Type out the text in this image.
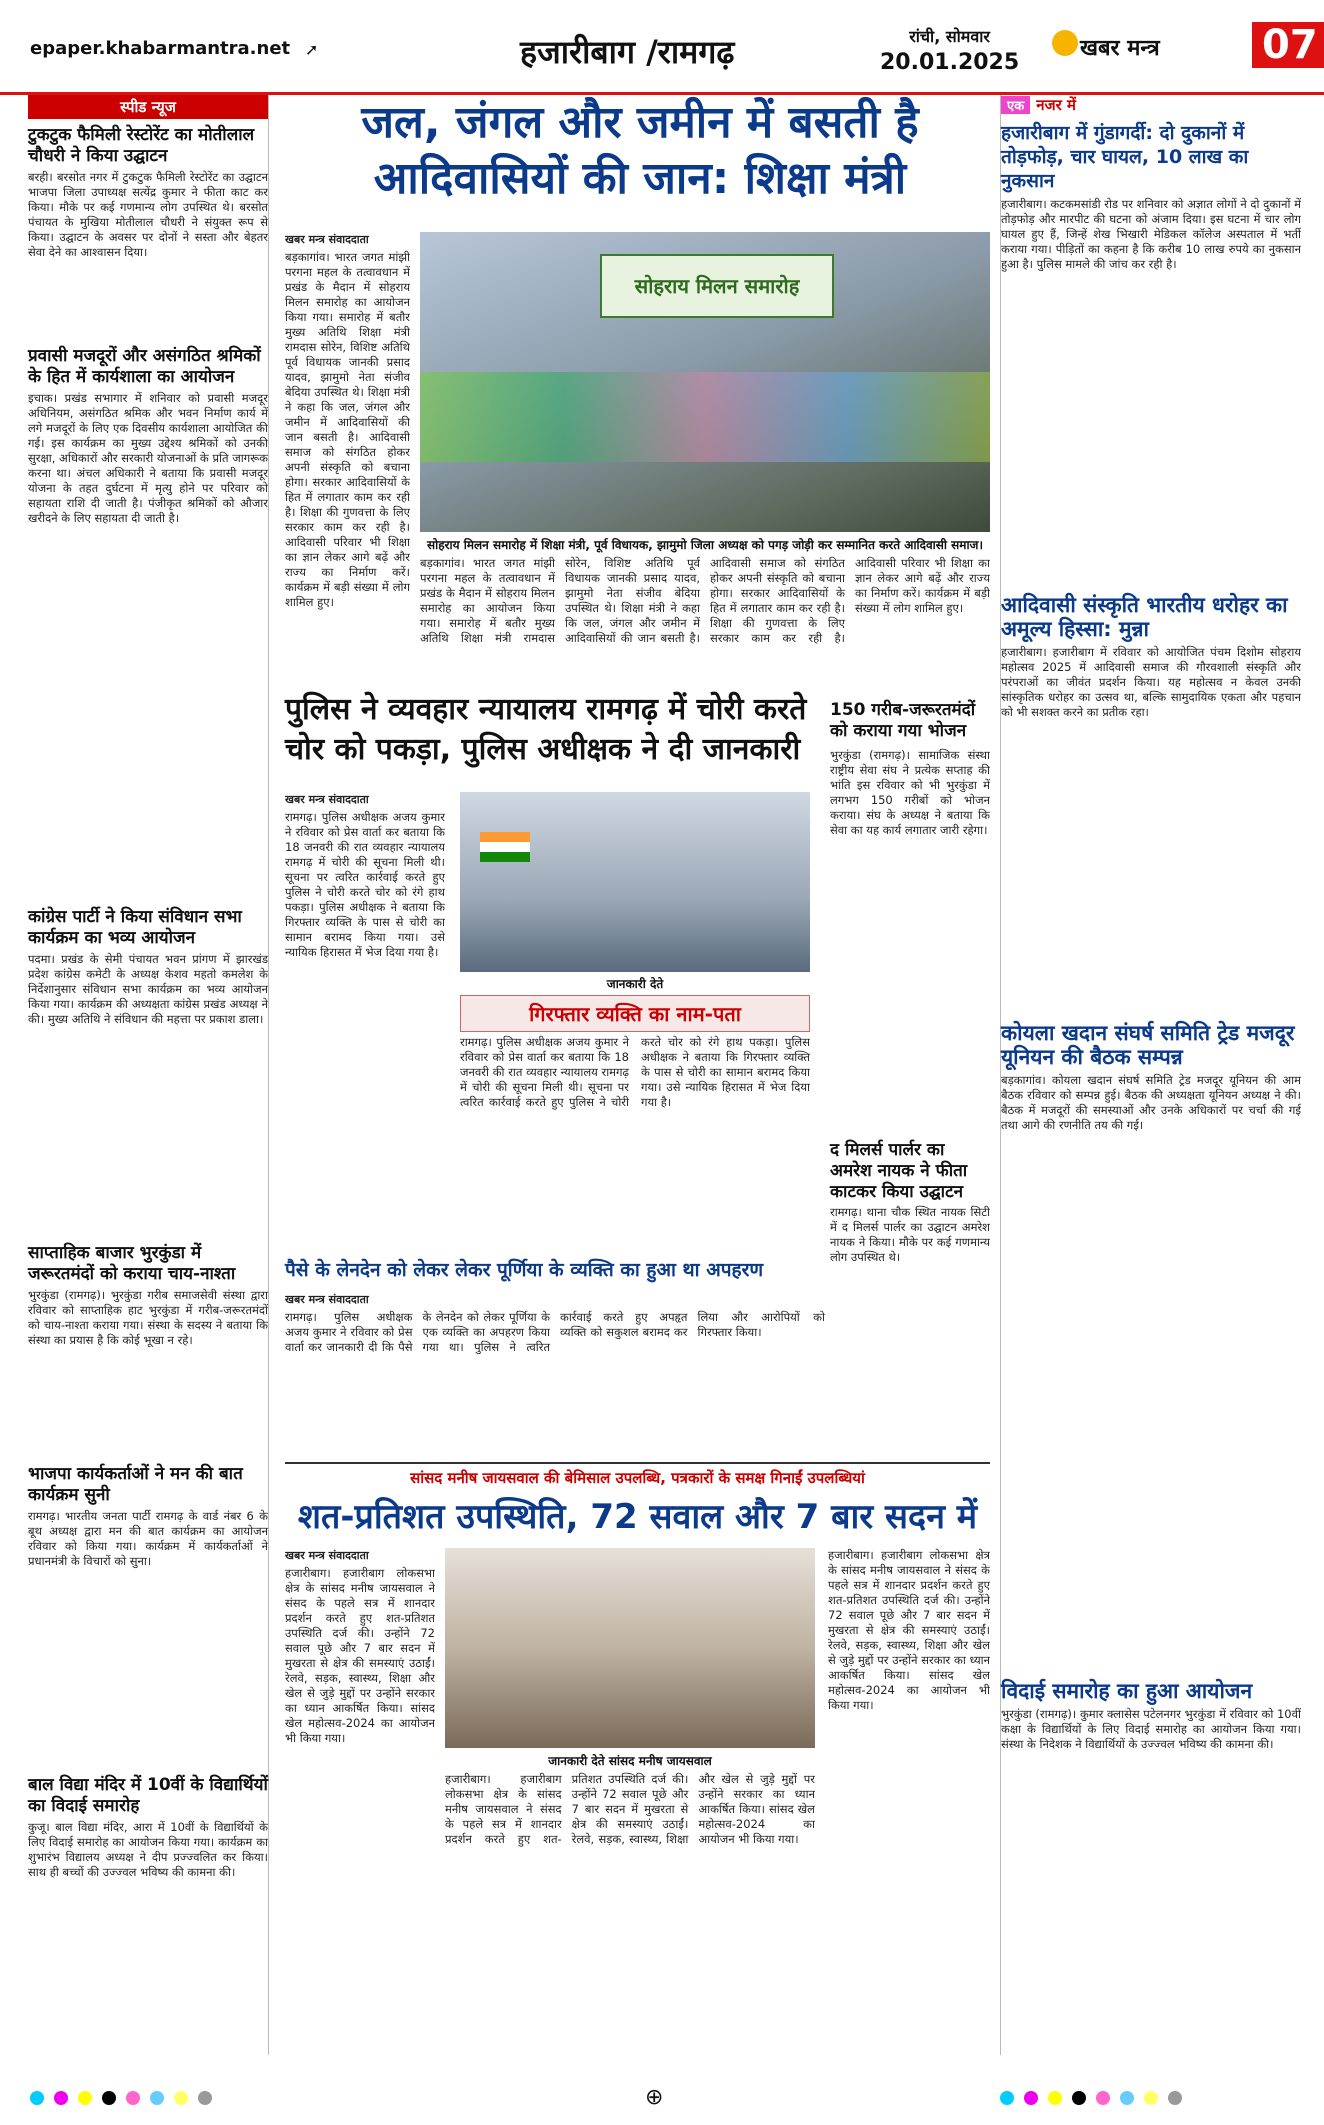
epaper.khabarmantra.net ➚	हजारीबाग /रामगढ़	रांची, सोमवार
20.01.2025
खबर मन्त्र	07
स्पीड न्यूज
टुकटुक फैमिली रेस्टोरेंट का मोतीलाल चौधरी ने किया उद्घाटन
बरही। बरसोत नगर में टुकटुक फैमिली रेस्टोरेंट का उद्घाटन भाजपा जिला उपाध्यक्ष सत्येंद्र कुमार ने फीता काट कर किया। मौके पर कई गणमान्य लोग उपस्थित थे। बरसोत पंचायत के मुखिया मोतीलाल चौधरी ने संयुक्त रूप से किया। उद्घाटन के अवसर पर दोनों ने सस्ता और बेहतर सेवा देने का आश्वासन दिया।
प्रवासी मजदूरों और असंगठित श्रमिकों के हित में कार्यशाला का आयोजन
इचाक। प्रखंड सभागार में शनिवार को प्रवासी मजदूर अधिनियम, असंगठित श्रमिक और भवन निर्माण कार्य में लगे मजदूरों के लिए एक दिवसीय कार्यशाला आयोजित की गई। इस कार्यक्रम का मुख्य उद्देश्य श्रमिकों को उनकी सुरक्षा, अधिकारों और सरकारी योजनाओं के प्रति जागरूक करना था। अंचल अधिकारी ने बताया कि प्रवासी मजदूर योजना के तहत दुर्घटना में मृत्यु होने पर परिवार को सहायता राशि दी जाती है। पंजीकृत श्रमिकों को औजार खरीदने के लिए सहायता दी जाती है।
कांग्रेस पार्टी ने किया संविधान सभा कार्यक्रम का भव्य आयोजन
पदमा। प्रखंड के सेमी पंचायत भवन प्रांगण में झारखंड प्रदेश कांग्रेस कमेटी के अध्यक्ष केशव महतो कमलेश के निर्देशानुसार संविधान सभा कार्यक्रम का भव्य आयोजन किया गया। कार्यक्रम की अध्यक्षता कांग्रेस प्रखंड अध्यक्ष ने की। मुख्य अतिथि ने संविधान की महत्ता पर प्रकाश डाला।
साप्ताहिक बाजार भुरकुंडा में जरूरतमंदों को कराया चाय-नाश्ता
भुरकुंडा (रामगढ़)। भुरकुंडा गरीब समाजसेवी संस्था द्वारा रविवार को साप्ताहिक हाट भुरकुंडा में गरीब-जरूरतमंदों को चाय-नाश्ता कराया गया। संस्था के सदस्य ने बताया कि संस्था का प्रयास है कि कोई भूखा न रहे।
भाजपा कार्यकर्ताओं ने मन की बात कार्यक्रम सुनी
रामगढ़। भारतीय जनता पार्टी रामगढ़ के वार्ड नंबर 6 के बूथ अध्यक्ष द्वारा मन की बात कार्यक्रम का आयोजन रविवार को किया गया। कार्यक्रम में कार्यकर्ताओं ने प्रधानमंत्री के विचारों को सुना।
बाल विद्या मंदिर में 10वीं के विद्यार्थियों का विदाई समारोह
कुजू। बाल विद्या मंदिर, आरा में 10वीं के विद्यार्थियों के लिए विदाई समारोह का आयोजन किया गया। कार्यक्रम का शुभारंभ विद्यालय अध्यक्ष ने दीप प्रज्ज्वलित कर किया। साथ ही बच्चों की उज्ज्वल भविष्य की कामना की।
जल, जंगल और जमीन में बसती है
आदिवासियों की जान: शिक्षा मंत्री
खबर मन्त्र संवाददाता
बड़कागांव। भारत जगत मांझी परगना महल के तत्वावधान में प्रखंड के मैदान में सोहराय मिलन समारोह का आयोजन किया गया। समारोह में बतौर मुख्य अतिथि शिक्षा मंत्री रामदास सोरेन, विशिष्ट अतिथि पूर्व विधायक जानकी प्रसाद यादव, झामुमो नेता संजीव बेदिया उपस्थित थे। शिक्षा मंत्री ने कहा कि जल, जंगल और जमीन में आदिवासियों की जान बसती है। आदिवासी समाज को संगठित होकर अपनी संस्कृति को बचाना होगा। सरकार आदिवासियों के हित में लगातार काम कर रही है। शिक्षा की गुणवत्ता के लिए सरकार काम कर रही है। आदिवासी परिवार भी शिक्षा का ज्ञान लेकर आगे बढ़ें और राज्य का निर्माण करें। कार्यक्रम में बड़ी संख्या में लोग शामिल हुए।
सोहराय मिलन समारोह
सोहराय मिलन समारोह में शिक्षा मंत्री, पूर्व विधायक, झामुमो जिला अध्यक्ष को पगड़ जोड़ी कर सम्मानित करते आदिवासी समाज।
बड़कागांव। भारत जगत मांझी परगना महल के तत्वावधान में प्रखंड के मैदान में सोहराय मिलन समारोह का आयोजन किया गया। समारोह में बतौर मुख्य अतिथि शिक्षा मंत्री रामदास सोरेन, विशिष्ट अतिथि पूर्व विधायक जानकी प्रसाद यादव, झामुमो नेता संजीव बेदिया उपस्थित थे। शिक्षा मंत्री ने कहा कि जल, जंगल और जमीन में आदिवासियों की जान बसती है। आदिवासी समाज को संगठित होकर अपनी संस्कृति को बचाना होगा। सरकार आदिवासियों के हित में लगातार काम कर रही है। शिक्षा की गुणवत्ता के लिए सरकार काम कर रही है। आदिवासी परिवार भी शिक्षा का ज्ञान लेकर आगे बढ़ें और राज्य का निर्माण करें। कार्यक्रम में बड़ी संख्या में लोग शामिल हुए।
पुलिस ने व्यवहार न्यायालय रामगढ़ में चोरी करते
चोर को पकड़ा, पुलिस अधीक्षक ने दी जानकारी
खबर मन्त्र संवाददाता
रामगढ़। पुलिस अधीक्षक अजय कुमार ने रविवार को प्रेस वार्ता कर बताया कि 18 जनवरी की रात व्यवहार न्यायालय रामगढ़ में चोरी की सूचना मिली थी। सूचना पर त्वरित कार्रवाई करते हुए पुलिस ने चोरी करते चोर को रंगे हाथ पकड़ा। पुलिस अधीक्षक ने बताया कि गिरफ्तार व्यक्ति के पास से चोरी का सामान बरामद किया गया। उसे न्यायिक हिरासत में भेज दिया गया है।
जानकारी देते
गिरफ्तार व्यक्ति का नाम-पता
रामगढ़। पुलिस अधीक्षक अजय कुमार ने रविवार को प्रेस वार्ता कर बताया कि 18 जनवरी की रात व्यवहार न्यायालय रामगढ़ में चोरी की सूचना मिली थी। सूचना पर त्वरित कार्रवाई करते हुए पुलिस ने चोरी करते चोर को रंगे हाथ पकड़ा। पुलिस अधीक्षक ने बताया कि गिरफ्तार व्यक्ति के पास से चोरी का सामान बरामद किया गया। उसे न्यायिक हिरासत में भेज दिया गया है।
150 गरीब-जरूरतमंदों को कराया गया भोजन
भुरकुंडा (रामगढ़)। सामाजिक संस्था राष्ट्रीय सेवा संघ ने प्रत्येक सप्ताह की भांति इस रविवार को भी भुरकुंडा में लगभग 150 गरीबों को भोजन कराया। संघ के अध्यक्ष ने बताया कि सेवा का यह कार्य लगातार जारी रहेगा।
द मिलर्स पार्लर का अमरेश नायक ने फीता काटकर किया उद्घाटन
रामगढ़। थाना चौक स्थित नायक सिटी में द मिलर्स पार्लर का उद्घाटन अमरेश नायक ने किया। मौके पर कई गणमान्य लोग उपस्थित थे।
पैसे के लेनदेन को लेकर लेकर पूर्णिया के व्यक्ति का हुआ था अपहरण
खबर मन्त्र संवाददाता
रामगढ़। पुलिस अधीक्षक अजय कुमार ने रविवार को प्रेस वार्ता कर जानकारी दी कि पैसे के लेनदेन को लेकर पूर्णिया के एक व्यक्ति का अपहरण किया गया था। पुलिस ने त्वरित कार्रवाई करते हुए अपहृत व्यक्ति को सकुशल बरामद कर लिया और आरोपियों को गिरफ्तार किया।
सांसद मनीष जायसवाल की बेमिसाल उपलब्धि, पत्रकारों के समक्ष गिनाईं उपलब्धियां
शत-प्रतिशत उपस्थिति, 72 सवाल और 7 बार सदन में
खबर मन्त्र संवाददाता
हजारीबाग। हजारीबाग लोकसभा क्षेत्र के सांसद मनीष जायसवाल ने संसद के पहले सत्र में शानदार प्रदर्शन करते हुए शत-प्रतिशत उपस्थिति दर्ज की। उन्होंने 72 सवाल पूछे और 7 बार सदन में मुखरता से क्षेत्र की समस्याएं उठाईं। रेलवे, सड़क, स्वास्थ्य, शिक्षा और खेल से जुड़े मुद्दों पर उन्होंने सरकार का ध्यान आकर्षित किया। सांसद खेल महोत्सव-2024 का आयोजन भी किया गया।
जानकारी देते सांसद मनीष जायसवाल
हजारीबाग। हजारीबाग लोकसभा क्षेत्र के सांसद मनीष जायसवाल ने संसद के पहले सत्र में शानदार प्रदर्शन करते हुए शत-प्रतिशत उपस्थिति दर्ज की। उन्होंने 72 सवाल पूछे और 7 बार सदन में मुखरता से क्षेत्र की समस्याएं उठाईं। रेलवे, सड़क, स्वास्थ्य, शिक्षा और खेल से जुड़े मुद्दों पर उन्होंने सरकार का ध्यान आकर्षित किया। सांसद खेल महोत्सव-2024 का आयोजन भी किया गया।
हजारीबाग। हजारीबाग लोकसभा क्षेत्र के सांसद मनीष जायसवाल ने संसद के पहले सत्र में शानदार प्रदर्शन करते हुए शत-प्रतिशत उपस्थिति दर्ज की। उन्होंने 72 सवाल पूछे और 7 बार सदन में मुखरता से क्षेत्र की समस्याएं उठाईं। रेलवे, सड़क, स्वास्थ्य, शिक्षा और खेल से जुड़े मुद्दों पर उन्होंने सरकार का ध्यान आकर्षित किया। सांसद खेल महोत्सव-2024 का आयोजन भी किया गया।
एक नजर में
हजारीबाग में गुंडागर्दी: दो दुकानों में तोड़फोड़, चार घायल, 10 लाख का नुकसान
हजारीबाग। कटकमसांडी रोड पर शनिवार को अज्ञात लोगों ने दो दुकानों में तोड़फोड़ और मारपीट की घटना को अंजाम दिया। इस घटना में चार लोग घायल हुए हैं, जिन्हें शेख भिखारी मेडिकल कॉलेज अस्पताल में भर्ती कराया गया। पीड़ितों का कहना है कि करीब 10 लाख रुपये का नुकसान हुआ है। पुलिस मामले की जांच कर रही है।
आदिवासी संस्कृति भारतीय धरोहर का अमूल्य हिस्सा: मुन्ना
हजारीबाग। हजारीबाग में रविवार को आयोजित पंचम दिशोम सोहराय महोत्सव 2025 में आदिवासी समाज की गौरवशाली संस्कृति और परंपराओं का जीवंत प्रदर्शन किया। यह महोत्सव न केवल उनकी सांस्कृतिक धरोहर का उत्सव था, बल्कि सामुदायिक एकता और पहचान को भी सशक्त करने का प्रतीक रहा।
कोयला खदान संघर्ष समिति ट्रेड मजदूर यूनियन की बैठक सम्पन्न
बड़कागांव। कोयला खदान संघर्ष समिति ट्रेड मजदूर यूनियन की आम बैठक रविवार को सम्पन्न हुई। बैठक की अध्यक्षता यूनियन अध्यक्ष ने की। बैठक में मजदूरों की समस्याओं और उनके अधिकारों पर चर्चा की गई तथा आगे की रणनीति तय की गई।
विदाई समारोह का हुआ आयोजन
भुरकुंडा (रामगढ़)। कुमार क्लासेस पटेलनगर भुरकुंडा में रविवार को 10वीं कक्षा के विद्यार्थियों के लिए विदाई समारोह का आयोजन किया गया। संस्था के निदेशक ने विद्यार्थियों के उज्ज्वल भविष्य की कामना की।
⊕
